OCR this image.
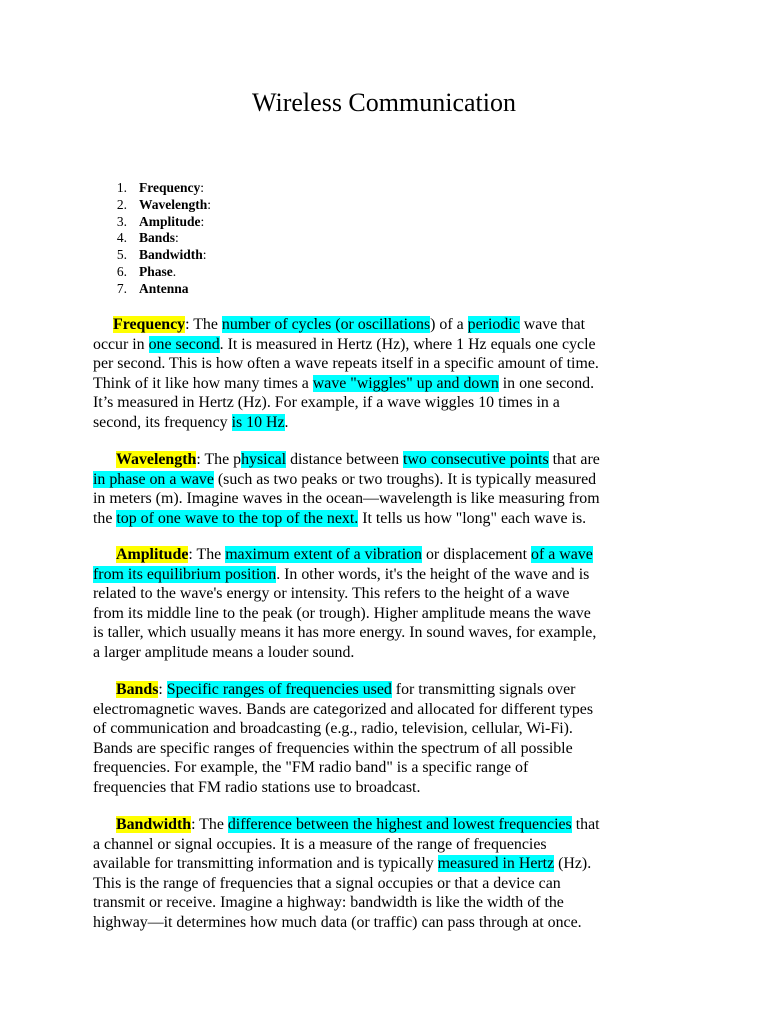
Wireless Communication
1. Frequency:
2. Wavelength:
3. Amplitude:
4. Bands:
5. Bandwidth:
6. Phase.
7. Antenna

Frequency: The number of cycles (or oscillations) of a periodic wave that
occur in one second. It is measured in Hertz (Hz), where 1 Hz equals one cycle
per second. This is how often a wave repeats itself in a specific amount of time.
Think of it like how many times a wave "wiggles" up and down in one second.
It’s measured in Hertz (Hz). For example, if a wave wiggles 10 times in a
second, its frequency is 10 Hz.

Wavelength: The physical distance between two consecutive points that are
in phase on a wave (such as two peaks or two troughs). It is typically measured
in meters (m). Imagine waves in the ocean—wavelength is like measuring from
the top of one wave to the top of the next. It tells us how "long" each wave is.

Amplitude: The maximum extent of a vibration or displacement of a wave
from its equilibrium position. In other words, it's the height of the wave and is
related to the wave's energy or intensity. This refers to the height of a wave
from its middle line to the peak (or trough). Higher amplitude means the wave
is taller, which usually means it has more energy. In sound waves, for example,
a larger amplitude means a louder sound.

Bands: Specific ranges of frequencies used for transmitting signals over
electromagnetic waves. Bands are categorized and allocated for different types
of communication and broadcasting (e.g., radio, television, cellular, Wi-Fi).
Bands are specific ranges of frequencies within the spectrum of all possible
frequencies. For example, the "FM radio band" is a specific range of
frequencies that FM radio stations use to broadcast.

Bandwidth: The difference between the highest and lowest frequencies that
a channel or signal occupies. It is a measure of the range of frequencies
available for transmitting information and is typically measured in Hertz (Hz).
This is the range of frequencies that a signal occupies or that a device can
transmit or receive. Imagine a highway: bandwidth is like the width of the
highway—it determines how much data (or traffic) can pass through at once.
